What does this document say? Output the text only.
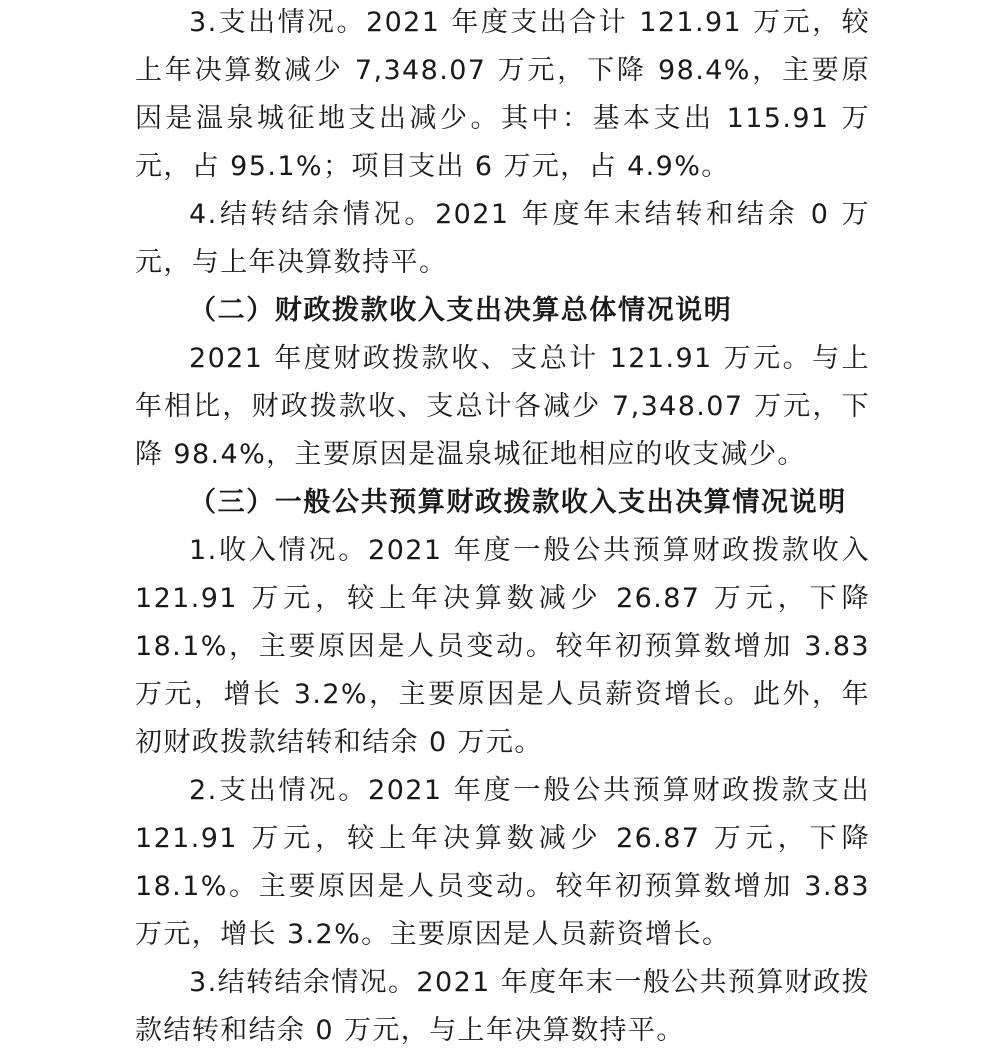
3.支出情况。2021 年度支出合计 121.91 万元，较上年决算数减少 7,348.07 万元，下降 98.4%，主要原因是温泉城征地支出减少。其中：基本支出 115.91 万元，占 95.1%；项目支出 6 万元，占 4.9%。

4.结转结余情况。2021 年度年末结转和结余 0 万元，与上年决算数持平。

（二）财政拨款收入支出决算总体情况说明

2021 年度财政拨款收、支总计 121.91 万元。与上年相比，财政拨款收、支总计各减少 7,348.07 万元，下降 98.4%，主要原因是温泉城征地相应的收支减少。

（三）一般公共预算财政拨款收入支出决算情况说明

1.收入情况。2021 年度一般公共预算财政拨款收入 121.91 万元，较上年决算数减少 26.87 万元，下降 18.1%，主要原因是人员变动。较年初预算数增加 3.83 万元，增长 3.2%，主要原因是人员薪资增长。此外，年初财政拨款结转和结余 0 万元。

2.支出情况。2021 年度一般公共预算财政拨款支出 121.91 万元，较上年决算数减少 26.87 万元，下降 18.1%。主要原因是人员变动。较年初预算数增加 3.83 万元，增长 3.2%。主要原因是人员薪资增长。

3.结转结余情况。2021 年度年末一般公共预算财政拨款结转和结余 0 万元，与上年决算数持平。
